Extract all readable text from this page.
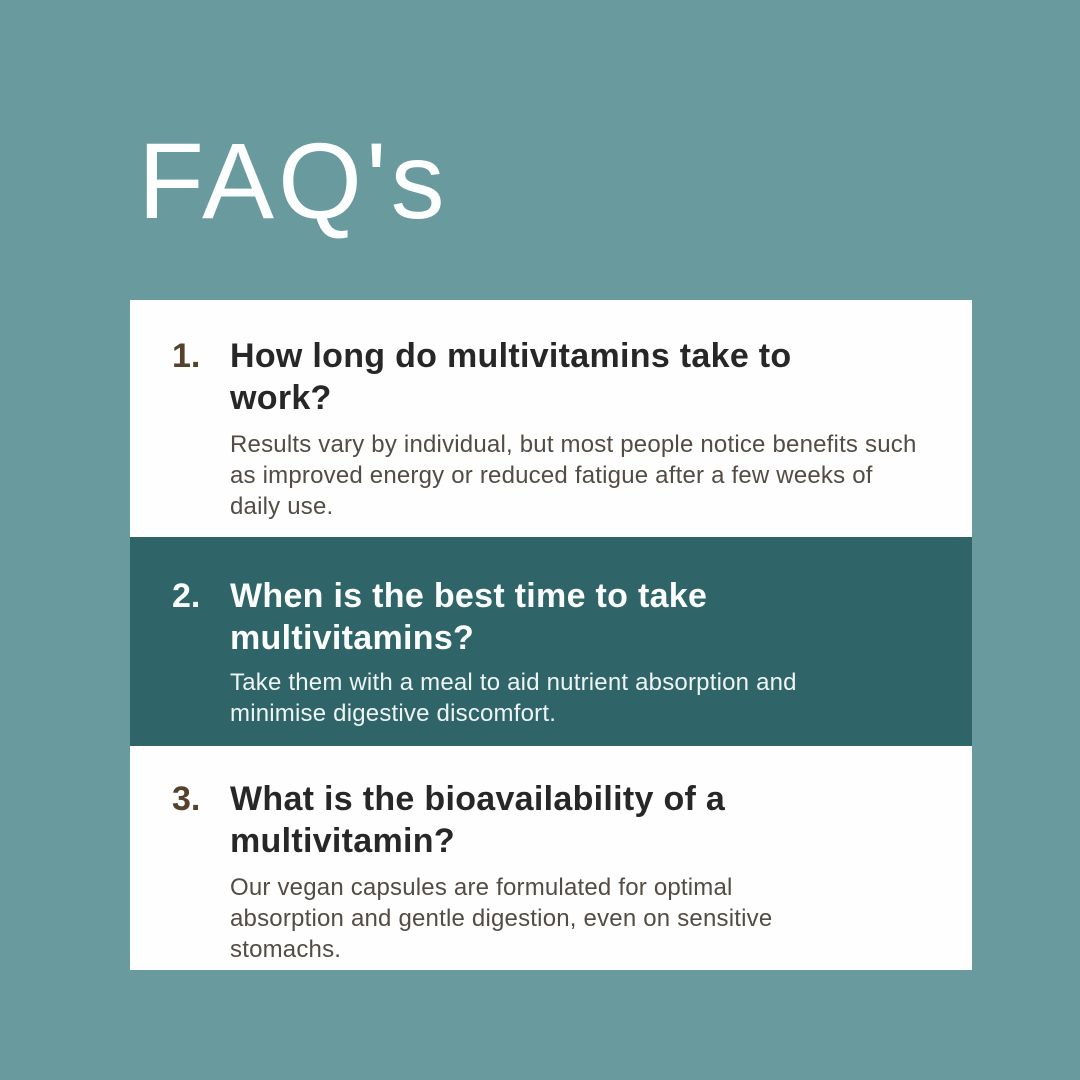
FAQ's
1. How long do multivitamins take to work?

Results vary by individual, but most people notice benefits such as improved energy or reduced fatigue after a few weeks of daily use.

2. When is the best time to take multivitamins?

Take them with a meal to aid nutrient absorption and minimise digestive discomfort.

3. What is the bioavailability of a multivitamin?

Our vegan capsules are formulated for optimal absorption and gentle digestion, even on sensitive stomachs.
